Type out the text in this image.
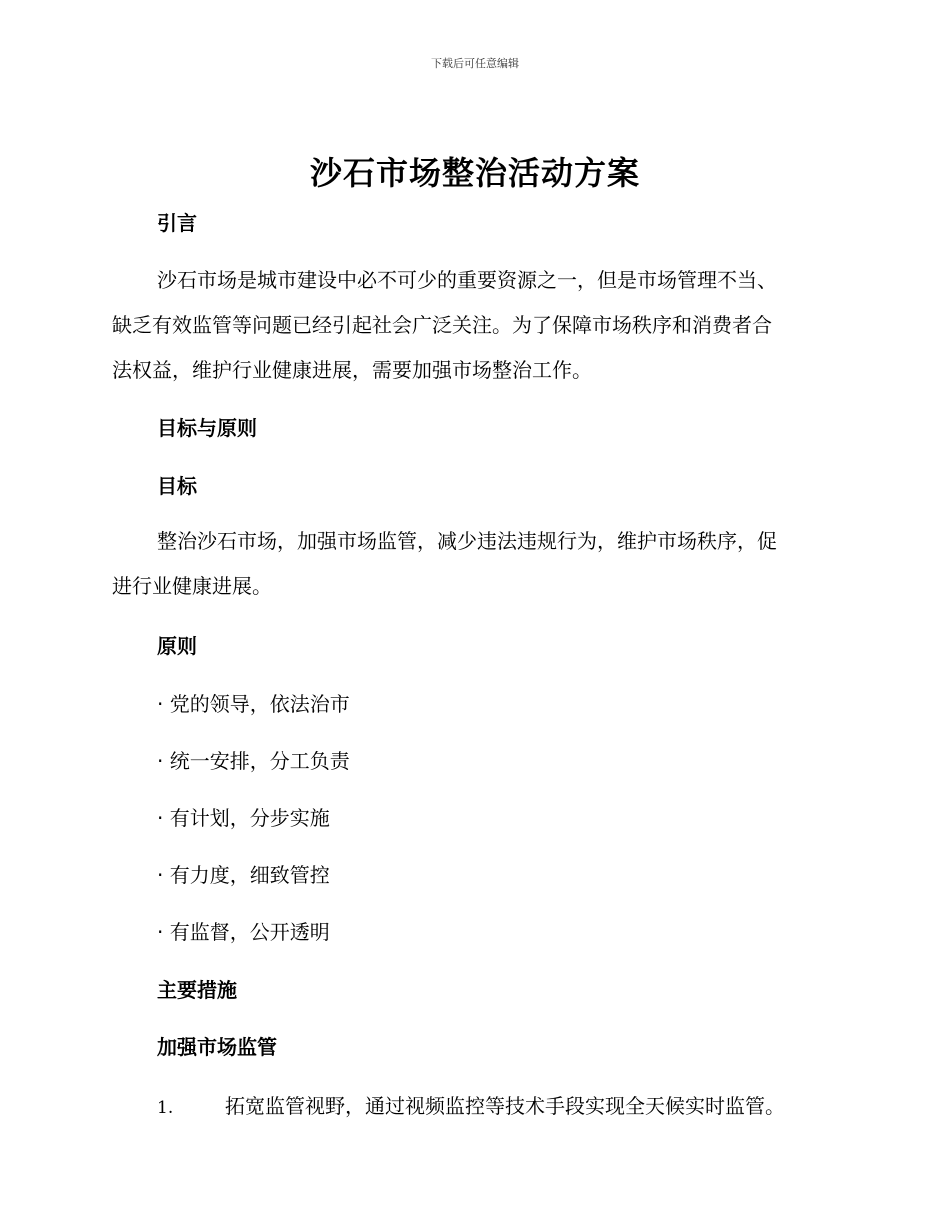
下载后可任意编辑
沙石市场整治活动方案
引言
沙石市场是城市建设中必不可少的重要资源之一，但是市场管理不当、
缺乏有效监管等问题已经引起社会广泛关注。为了保障市场秩序和消费者合
法权益，维护行业健康进展，需要加强市场整治工作。
目标与原则
目标
整治沙石市场，加强市场监管，减少违法违规行为，维护市场秩序，促
进行业健康进展。
原则
· 党的领导，依法治市
· 统一安排，分工负责
· 有计划，分步实施
· 有力度，细致管控
· 有监督，公开透明
主要措施
加强市场监管
1.	拓宽监管视野，通过视频监控等技术手段实现全天候实时监管。
